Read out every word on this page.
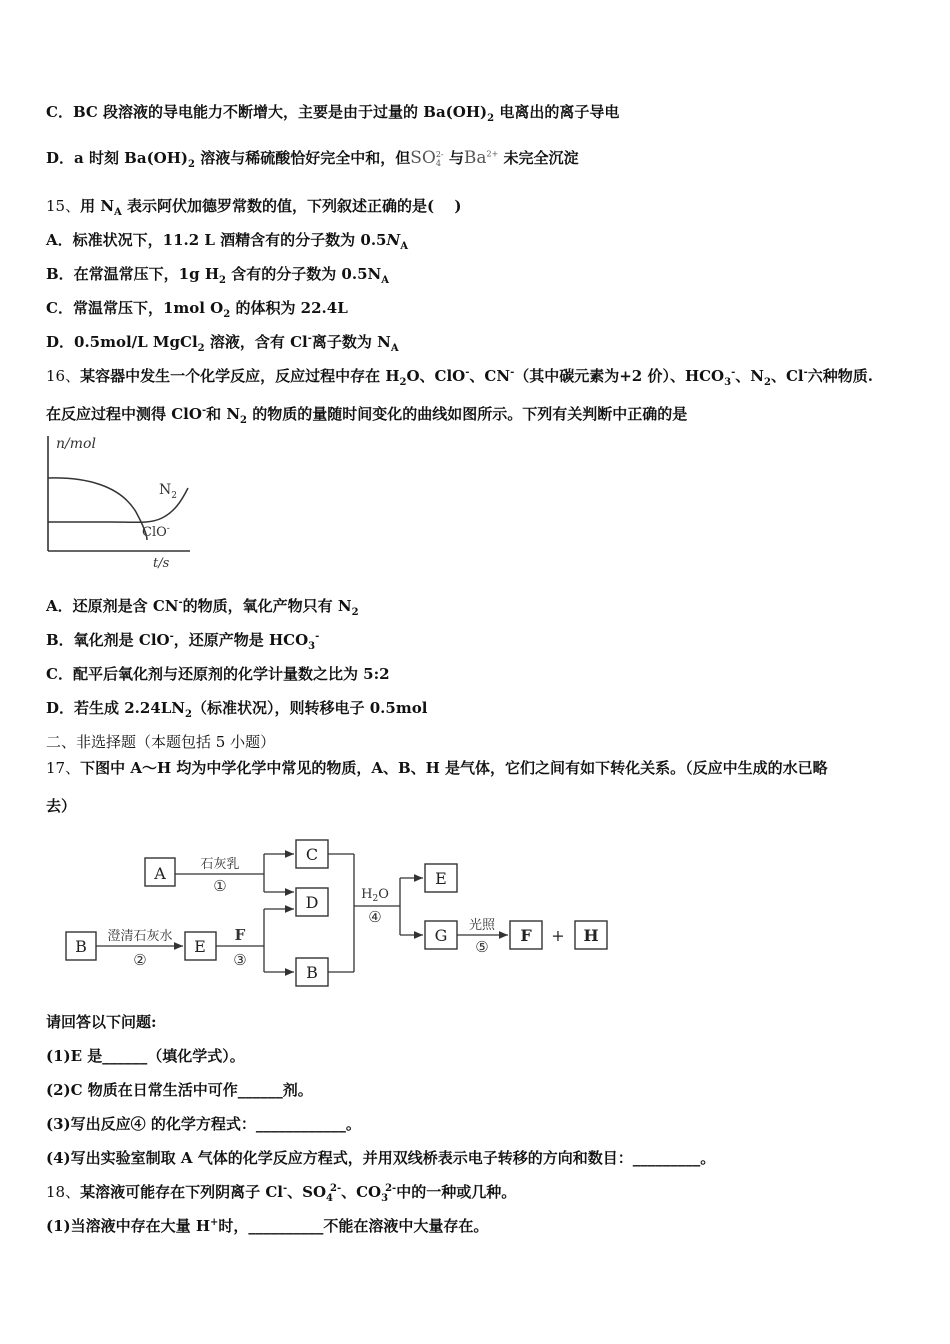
C．BC 段溶液的导电能力不断增大，主要是由于过量的 $Ba(OH)_2$ 电离出的离子导电
D．a 时刻 $Ba(OH)_2$ 溶液与稀硫酸恰好完全中和，但SO 2-
4 与$Ba^{2+}$ 未完全沉淀
15、用 $N_A$ 表示阿伏加德罗常数的值，下列叙述正确的是(　 )
A．标准状况下，11.2 L 酒精含有的分子数为 $0.5N_A$
B．在常温常压下，1g $H_2$ 含有的分子数为 $0.5N_A$
C．常温常压下，1mol $O_2$ 的体积为 22.4L
D．0.5mol/L MgCl$_2$ 溶液，含有 Cl-离子数为 $N_A$
16、某容器中发生一个化学反应，反应过程中存在 $H_2O$、ClO-、CN-（其中碳元素为+2 价）、$HCO_3^-$、$N_2$、Cl-六种物质.
在反应过程中测得 ClO-和 $N_2$ 的物质的量随时间变化的曲线如图所示。下列有关判断中正确的是
n/mol
t/s
$N_2$
ClO-
A．还原剂是含 CN-的物质，氧化产物只有 $N_2$
B．氧化剂是 ClO-，还原产物是 $HCO_3^-$
C．配平后氧化剂与还原剂的化学计量数之比为 5:2
D．若生成 $2.24LN_2$（标准状况），则转移电子 0.5mol
二、非选择题（本题包括 5 小题）
17、下图中 A～H 均为中学化学中常见的物质，A、B、H 是气体，它们之间有如下转化关系。（反应中生成的水已略
去）
A
C
D
B	E
B
E
G	F	H
+
石灰乳
①
澄清石灰水
②
F
③
$H_2O$
④	光照
⑤
请回答以下问题:
(1)E 是______（填化学式）。
(2)C 物质在日常生活中可作______剂。
(3)写出反应④ 的化学方程式：____________。
(4)写出实验室制取 A 气体的化学反应方程式，并用双线桥表示电子转移的方向和数目：_________。
18、某溶液可能存在下列阴离子 Cl-、$SO_4^{2-}$、$CO_3^{2-}$中的一种或几种。
(1)当溶液中存在大量 H+时，__________不能在溶液中大量存在。
